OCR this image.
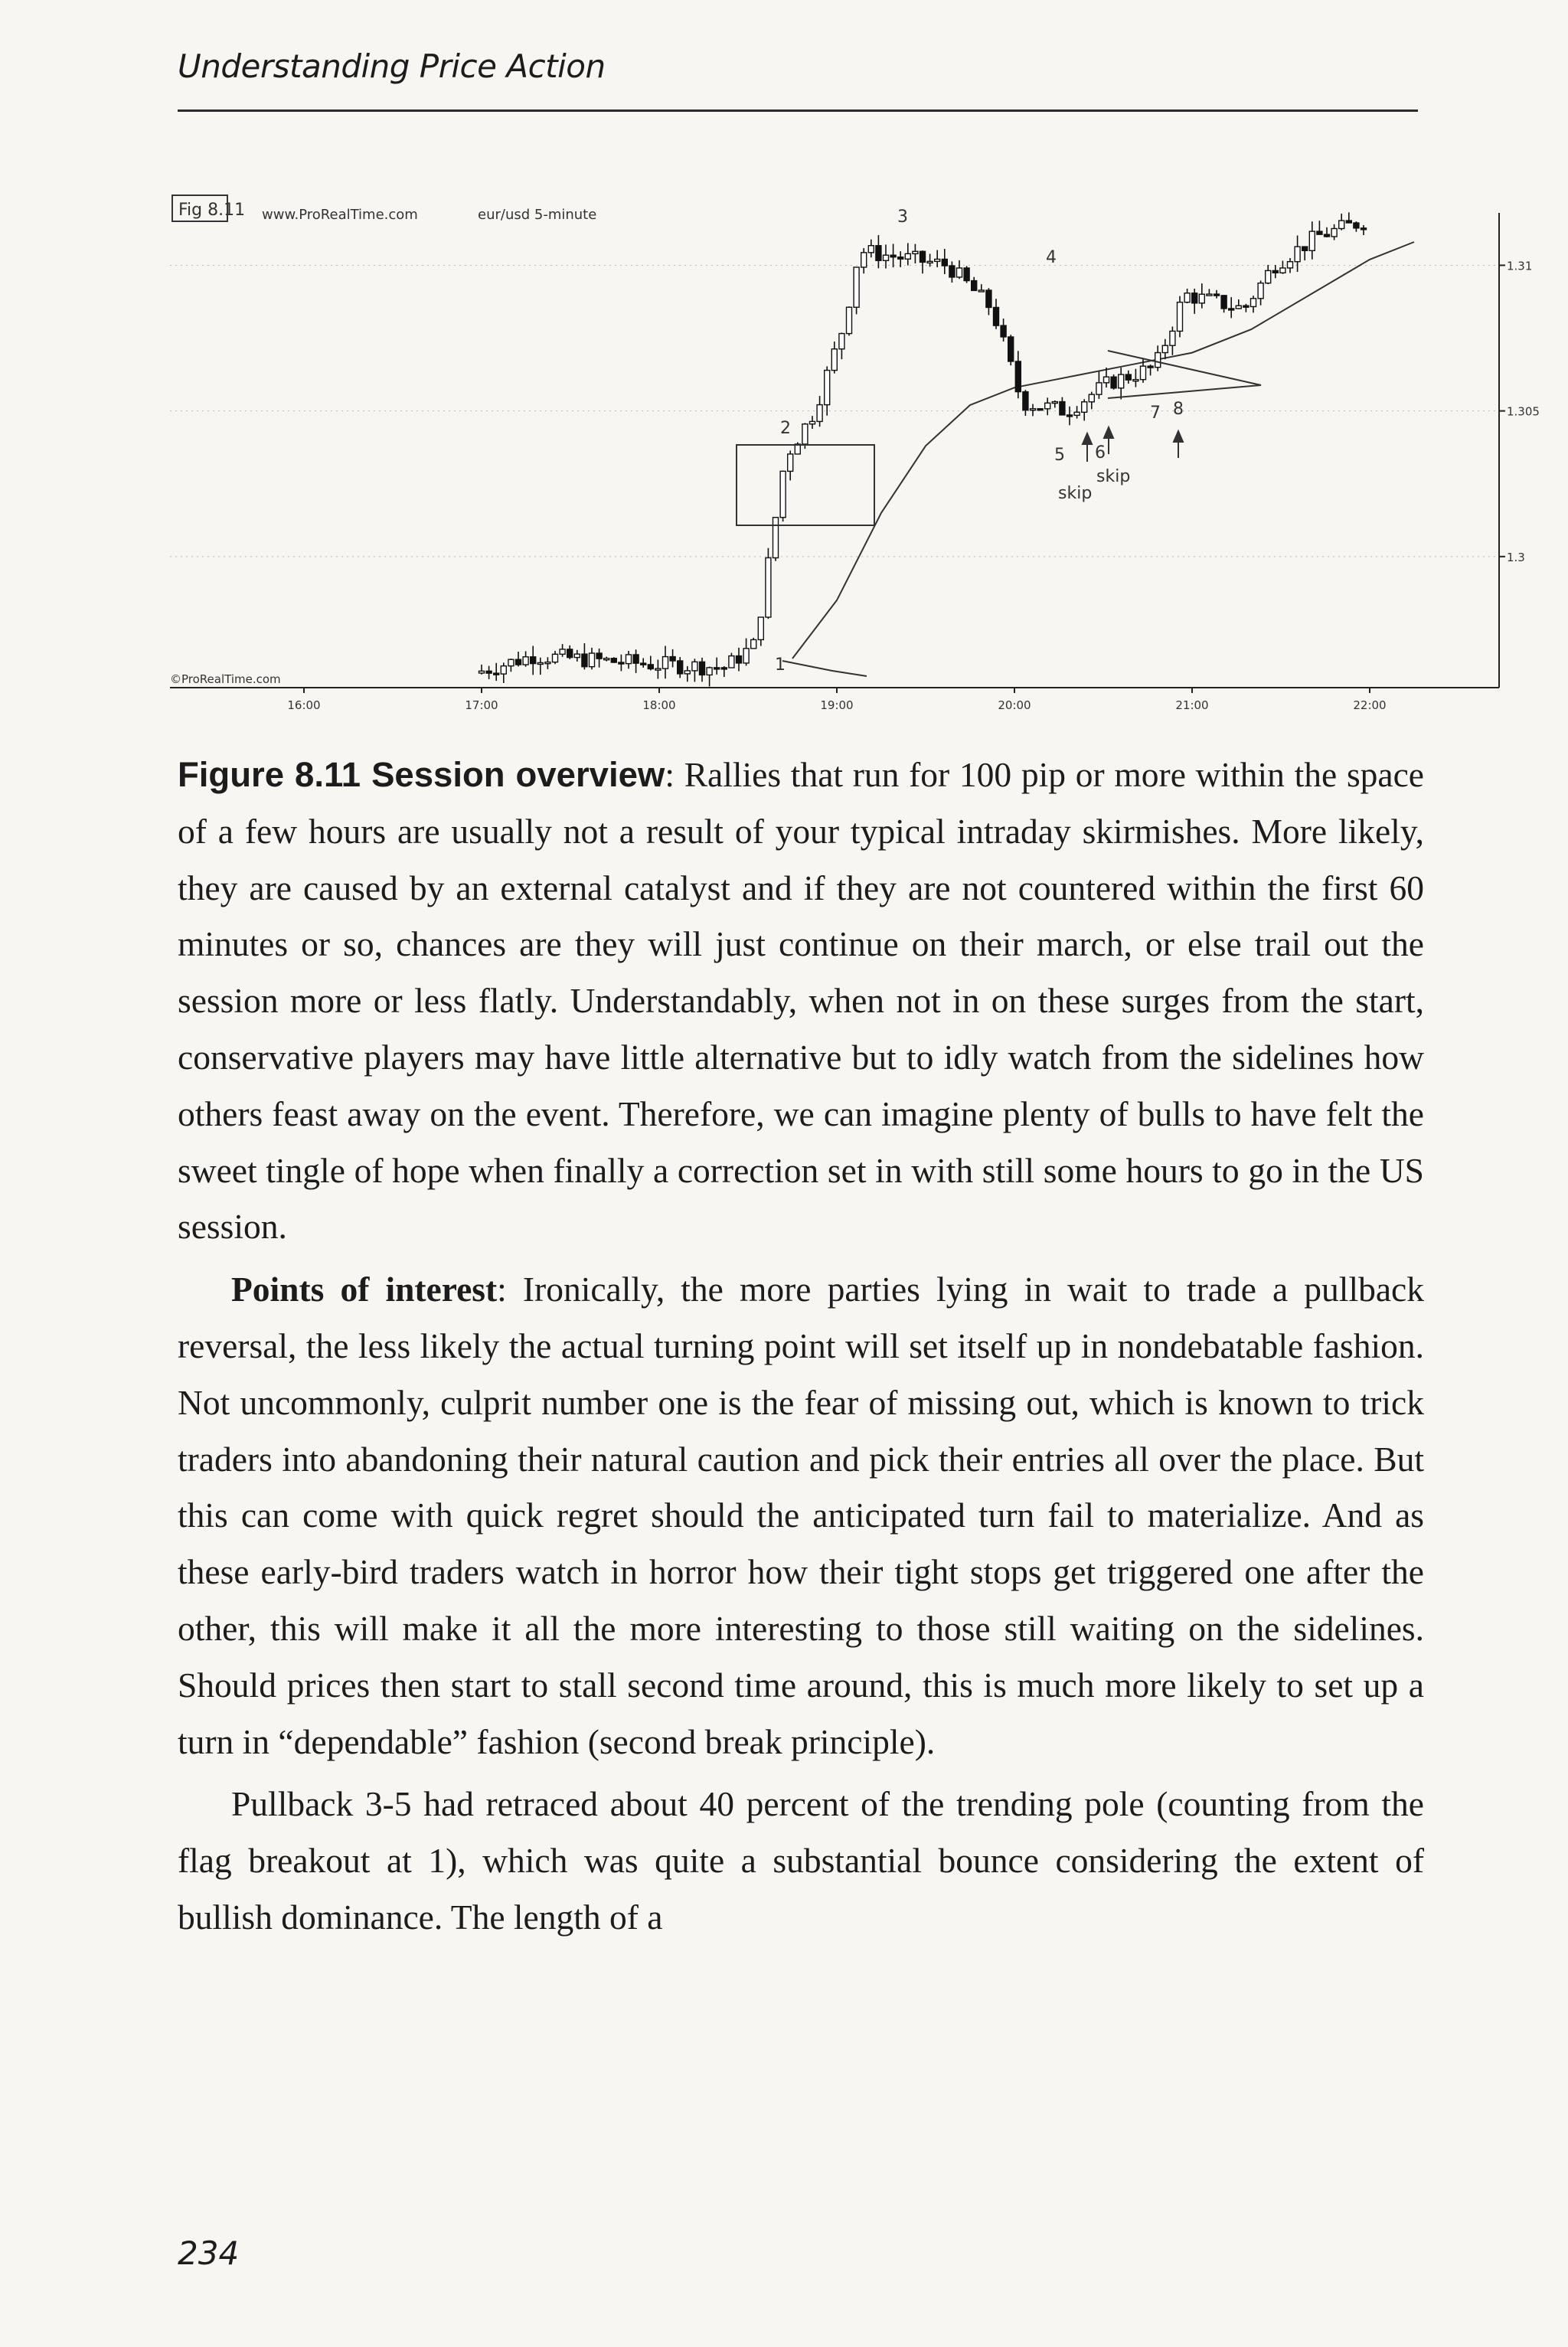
Understanding Price Action
Fig 8.11 www.ProRealTime.com	eur/usd 5-minute
©ProRealTime.com
16:00	17:00	18:00	19:00	20:00	21:00	22:00
1.31
1.305
1.3
1
2
3
4
5 6
7 8
skip
skip

Figure 8.11 Session overview: Rallies that run for 100 pip or more within the space of a few hours are usually not a result of your typical intraday skirmishes. More likely, they are caused by an external catalyst and if they are not countered within the first 60 minutes or so, chances are they will just continue on their march, or else trail out the session more or less flatly. Understandably, when not in on these surges from the start, conservative players may have little alternative but to idly watch from the sidelines how others feast away on the event. Therefore, we can imagine plenty of bulls to have felt the sweet tingle of hope when finally a correction set in with still some hours to go in the US session.

Points of interest: Ironically, the more parties lying in wait to trade a pullback reversal, the less likely the actual turning point will set itself up in nondebatable fashion. Not uncommonly, culprit number one is the fear of missing out, which is known to trick traders into abandoning their natural caution and pick their entries all over the place. But this can come with quick regret should the anticipated turn fail to materialize. And as these early-bird traders watch in horror how their tight stops get triggered one after the other, this will make it all the more interesting to those still waiting on the sidelines. Should prices then start to stall second time around, this is much more likely to set up a turn in “dependable” fashion (second break principle).

Pullback 3-5 had retraced about 40 percent of the trending pole (counting from the flag breakout at 1), which was quite a substantial bounce considering the extent of bullish dominance. The length of a

234
